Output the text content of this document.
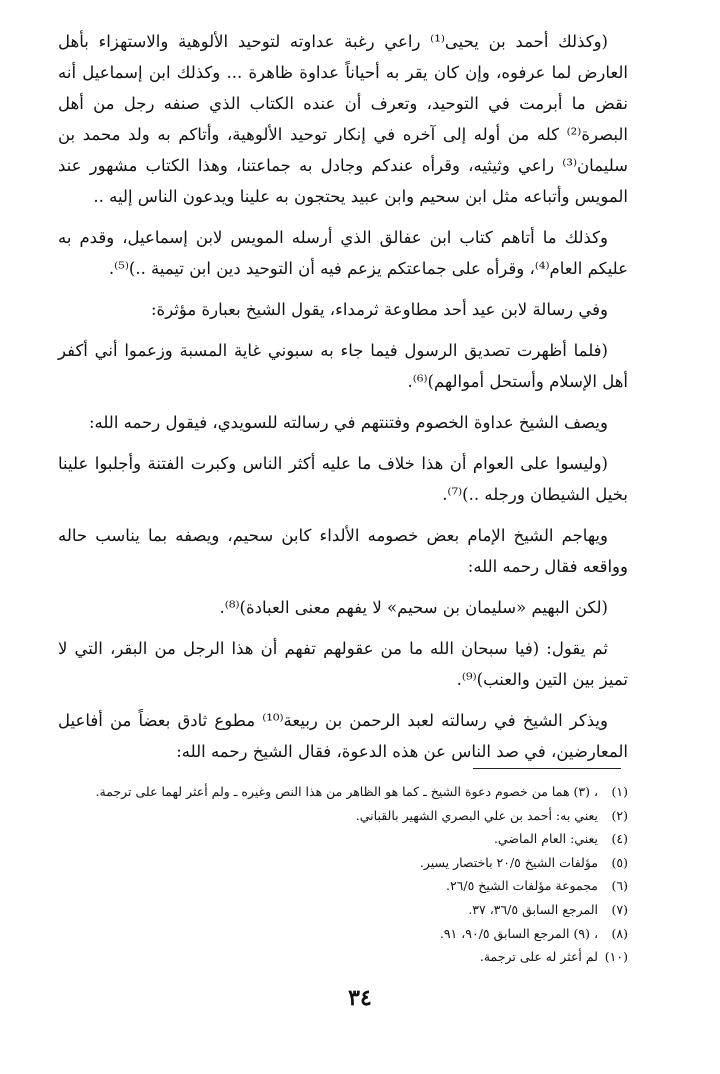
(وكذلك أحمد بن يحيى⁽¹⁾ راعي رغبة عداوته لتوحيد الألوهية والاستهزاء بأهل العارض لما عرفوه، وإن كان يقر به أحياناً عداوة ظاهرة ... وكذلك ابن إسماعيل أنه نقض ما أبرمت في التوحيد، وتعرف أن عنده الكتاب الذي صنفه رجل من أهل البصرة⁽²⁾ كله من أوله إلى آخره في إنكار توحيد الألوهية، وأتاكم به ولد محمد بن سليمان⁽³⁾ راعي وثيثيه، وقرأه عندكم وجادل به جماعتنا، وهذا الكتاب مشهور عند المويس وأتباعه مثل ابن سحيم وابن عبيد يحتجون به علينا ويدعون الناس إليه ..

وكذلك ما أتاهم كتاب ابن عفالق الذي أرسله المويس لابن إسماعيل، وقدم به عليكم العام⁽⁴⁾، وقرأه على جماعتكم يزعم فيه أن التوحيد دين ابن تيمية ..)⁽⁵⁾.

وفي رسالة لابن عيد أحد مطاوعة ثرمداء، يقول الشيخ بعبارة مؤثرة:

(فلما أظهرت تصديق الرسول فيما جاء به سبوني غاية المسبة وزعموا أني أكفر أهل الإسلام وأستحل أموالهم)⁽⁶⁾.

ويصف الشيخ عداوة الخصوم وفتنتهم في رسالته للسويدي، فيقول رحمه الله:

(وليسوا على العوام أن هذا خلاف ما عليه أكثر الناس وكبرت الفتنة وأجلبوا علينا بخيل الشيطان ورجله ..)⁽⁷⁾.

ويهاجم الشيخ الإمام بعض خصومه الألداء كابن سحيم، ويصفه بما يناسب حاله وواقعه فقال رحمه الله:

(لكن البهيم «سليمان بن سحيم» لا يفهم معنى العبادة)⁽⁸⁾.

ثم يقول: (فيا سبحان الله ما من عقولهم تفهم أن هذا الرجل من البقر، التي لا تميز بين التين والعنب)⁽⁹⁾.

ويذكر الشيخ في رسالته لعبد الرحمن بن ربيعة⁽¹⁰⁾ مطوع ثادق بعضاً من أفاعيل المعارضين، في صد الناس عن هذه الدعوة، فقال الشيخ رحمه الله:

(١)، (٣) هما من خصوم دعوة الشيخ ـ كما هو الظاهر من هذا النص وغيره ـ ولم أعثر لهما على ترجمة.
(٢)يعني به: أحمد بن علي البصري الشهير بالقباني.
(٤)يعني: العام الماضي.
(٥)مؤلفات الشيخ ٢٠/٥ باختصار يسير.
(٦)مجموعة مؤلفات الشيخ ٢٦/٥.
(٧)المرجع السابق ٣٦/٥، ٣٧.
(٨)، (٩) المرجع السابق ٩٠/٥، ٩١.
(١٠)لم أعثر له على ترجمة.
٣٤
